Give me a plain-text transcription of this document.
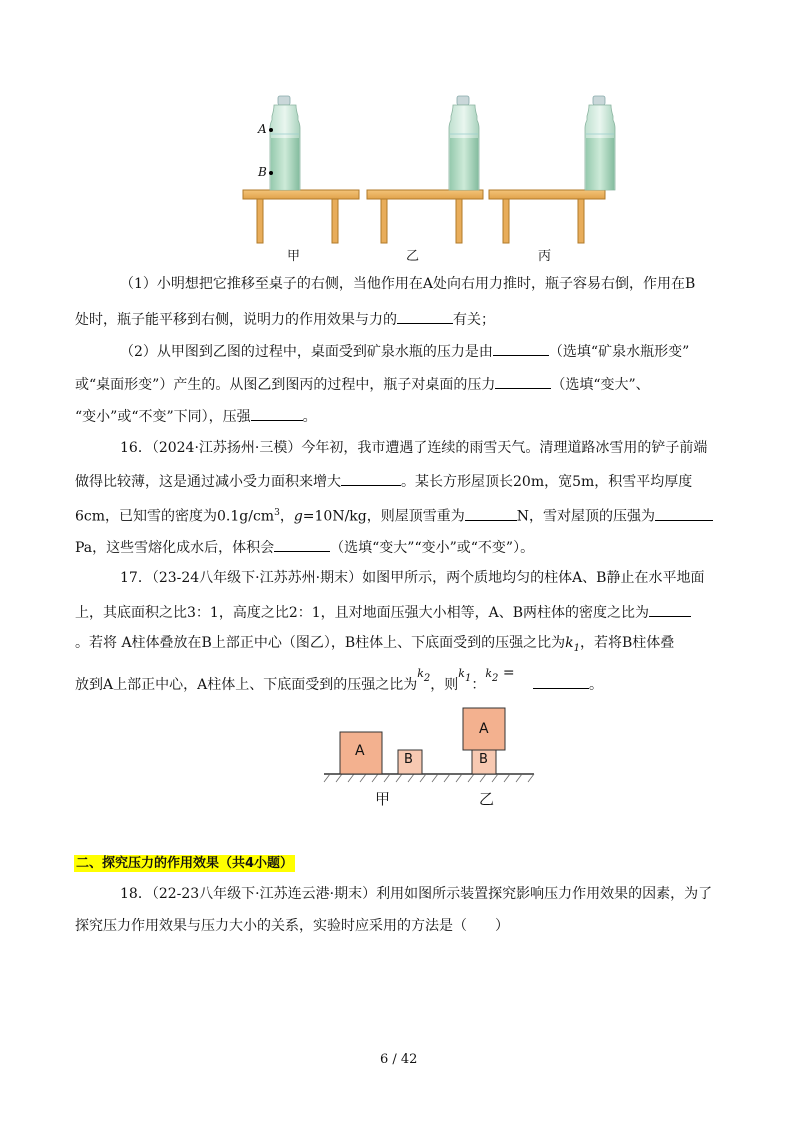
A
B
甲	乙	丙
（1）小明想把它推移至桌子的右侧，当他作用在A处向右用力推时，瓶子容易右倒，作用在B
处时，瓶子能平移到右侧，说明力的作用效果与力的	有关；
（2）从甲图到乙图的过程中，桌面受到矿泉水瓶的压力是由	（选填“矿泉水瓶形变”
或“桌面形变”）产生的。从图乙到图丙的过程中，瓶子对桌面的压力	（选填“变大”、
“变小”或“不变”下同），压强	。
16．（2024·江苏扬州·三模）今年初，我市遭遇了连续的雨雪天气。清理道路冰雪用的铲子前端
做得比较薄，这是通过减小受力面积来增大	。某长方形屋顶长20m，宽5m，积雪平均厚度
6cm，已知雪的密度为$0.1g/cm^3$，g=10N/kg，则屋顶雪重为	N，雪对屋顶的压强为
Pa，这些雪熔化成水后，体积会	（选填“变大”“变小”或“不变”）。
17．（23-24八年级下·江苏苏州·期末）如图甲所示，两个质地均匀的柱体A、B静止在水平地面
上，其底面积之比3：1，高度之比2：1，且对地面压强大小相等，A、B两柱体的密度之比为
。若将 A柱体叠放在B上部正中心（图乙），B柱体上、下底面受到的压强之比为$k_1$，若将B柱体叠
放到A上部正中心，A柱体上、下底面受到的压强之比为$^k$2，则$^k$1：$^k$2 = 。
A
B
A
B
甲	乙
二、探究压力的作用效果（共4小题）
18．（22-23八年级下·江苏连云港·期末）利用如图所示装置探究影响压力作用效果的因素，为了
探究压力作用效果与压力大小的关系，实验时应采用的方法是（　　）
6 / 42
